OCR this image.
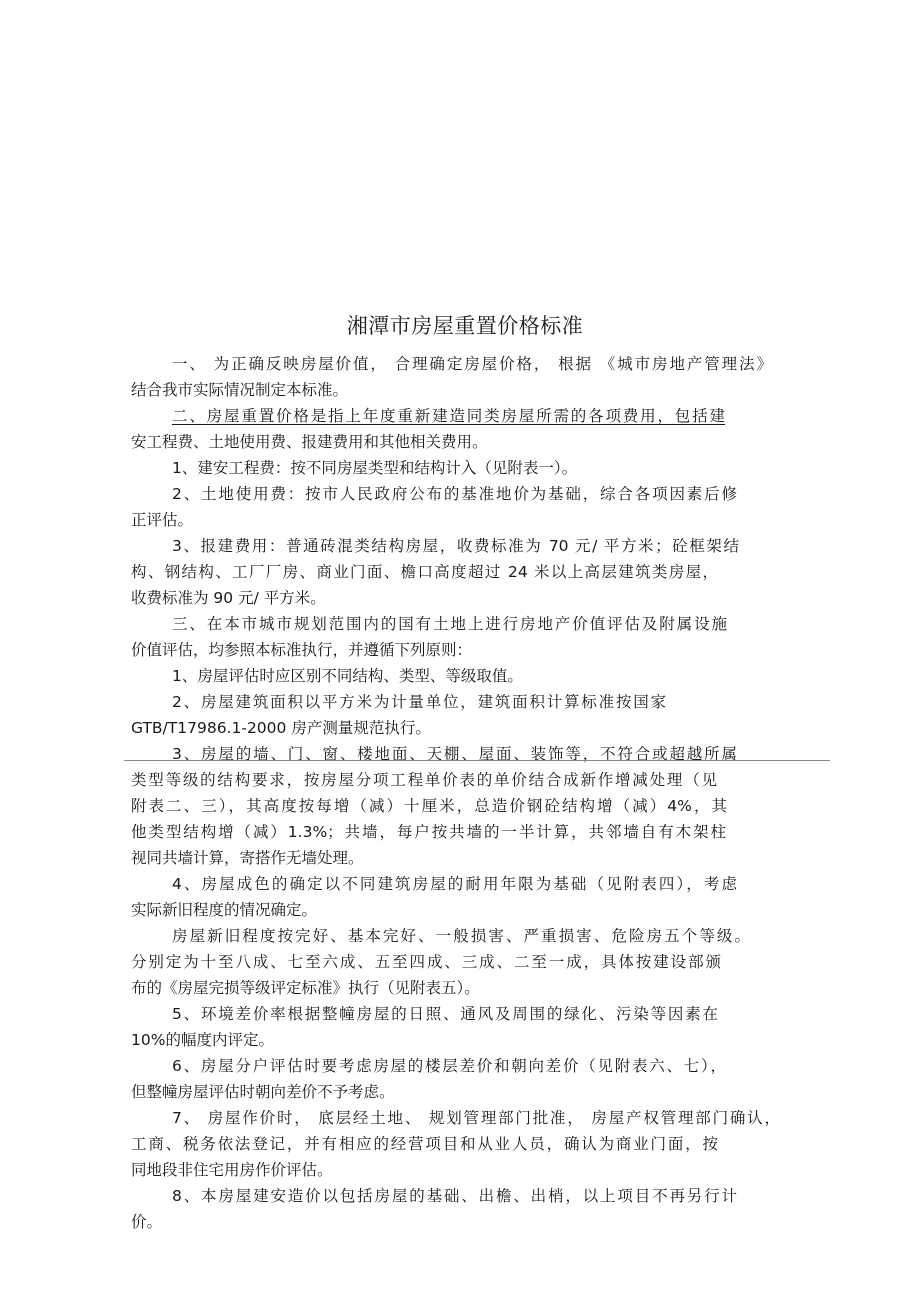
湘潭市房屋重置价格标准
一、 为正确反映房屋价值， 合理确定房屋价格， 根据 《城市房地产管理法》
结合我市实际情况制定本标准。
二、房屋重置价格是指上年度重新建造同类房屋所需的各项费用，包括建
安工程费、土地使用费、报建费用和其他相关费用。
1、建安工程费：按不同房屋类型和结构计入（见附表一）。
2、土地使用费：按市人民政府公布的基准地价为基础，综合各项因素后修
正评估。
3、报建费用：普通砖混类结构房屋，收费标准为 70 元/ 平方米；砼框架结
构、钢结构、工厂厂房、商业门面、檐口高度超过 24 米以上高层建筑类房屋，
收费标准为 90 元/ 平方米。
三、在本市城市规划范围内的国有土地上进行房地产价值评估及附属设施
价值评估，均参照本标准执行，并遵循下列原则：
1、房屋评估时应区别不同结构、类型、等级取值。
2、房屋建筑面积以平方米为计量单位，建筑面积计算标准按国家
GTB/T17986.1-2000 房产测量规范执行。
3、房屋的墙、门、窗、楼地面、天棚、屋面、装饰等，不符合或超越所属
类型等级的结构要求，按房屋分项工程单价表的单价结合成新作增减处理（见
附表二、三），其高度按每增（减）十厘米，总造价钢砼结构增（减）4%，其
他类型结构增（减）1.3%；共墙，每户按共墙的一半计算，共邻墙自有木架柱
视同共墙计算，寄搭作无墙处理。
4、房屋成色的确定以不同建筑房屋的耐用年限为基础（见附表四），考虑
实际新旧程度的情况确定。
房屋新旧程度按完好、基本完好、一般损害、严重损害、危险房五个等级。
分别定为十至八成、七至六成、五至四成、三成、二至一成，具体按建设部颁
布的《房屋完损等级评定标准》执行（见附表五）。
5、环境差价率根据整幢房屋的日照、通风及周围的绿化、污染等因素在
10%的幅度内评定。
6、房屋分户评估时要考虑房屋的楼层差价和朝向差价（见附表六、七），
但整幢房屋评估时朝向差价不予考虑。
7、 房屋作价时， 底层经土地、 规划管理部门批准， 房屋产权管理部门确认，
工商、税务依法登记，并有相应的经营项目和从业人员，确认为商业门面，按
同地段非住宅用房作价评估。
8、本房屋建安造价以包括房屋的基础、出檐、出梢，以上项目不再另行计
价。
